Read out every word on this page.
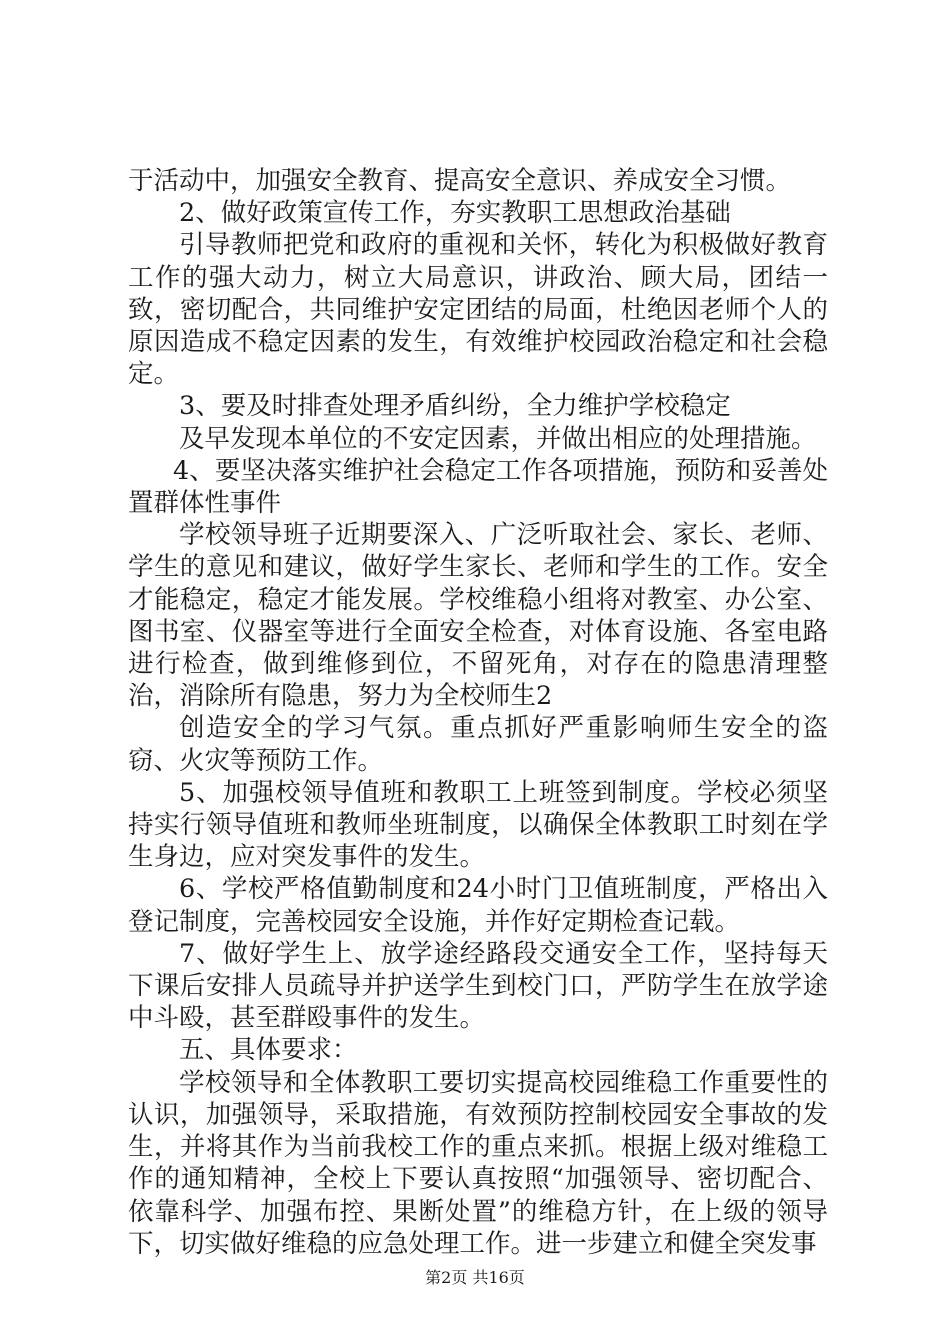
于活动中，加强安全教育、提高安全意识、养成安全习惯。

2、做好政策宣传工作，夯实教职工思想政治基础

引导教师把党和政府的重视和关怀，转化为积极做好教育工作的强大动力，树立大局意识，讲政治、顾大局，团结一致，密切配合，共同维护安定团结的局面，杜绝因老师个人的原因造成不稳定因素的发生，有效维护校园政治稳定和社会稳定。

3、要及时排查处理矛盾纠纷，全力维护学校稳定

及早发现本单位的不安定因素，并做出相应的处理措施。

4、要坚决落实维护社会稳定工作各项措施，预防和妥善处置群体性事件

学校领导班子近期要深入、广泛听取社会、家长、老师、学生的意见和建议，做好学生家长、老师和学生的工作。安全才能稳定，稳定才能发展。学校维稳小组将对教室、办公室、图书室、仪器室等进行全面安全检查，对体育设施、各室电路进行检查，做到维修到位，不留死角，对存在的隐患清理整治，消除所有隐患，努力为全校师生2

创造安全的学习气氛。重点抓好严重影响师生安全的盗窃、火灾等预防工作。

5、加强校领导值班和教职工上班签到制度。学校必须坚持实行领导值班和教师坐班制度，以确保全体教职工时刻在学生身边，应对突发事件的发生。

6、学校严格值勤制度和24小时门卫值班制度，严格出入登记制度，完善校园安全设施，并作好定期检查记载。

7、做好学生上、放学途经路段交通安全工作，坚持每天下课后安排人员疏导并护送学生到校门口，严防学生在放学途中斗殴，甚至群殴事件的发生。

五、具体要求：

学校领导和全体教职工要切实提高校园维稳工作重要性的认识，加强领导，采取措施，有效预防控制校园安全事故的发生，并将其作为当前我校工作的重点来抓。根据上级对维稳工作的通知精神，全校上下要认真按照“加强领导、密切配合、依靠科学、加强布控、果断处置”的维稳方针，在上级的领导下，切实做好维稳的应急处理工作。进一步建立和健全突发事

第2页 共16页
